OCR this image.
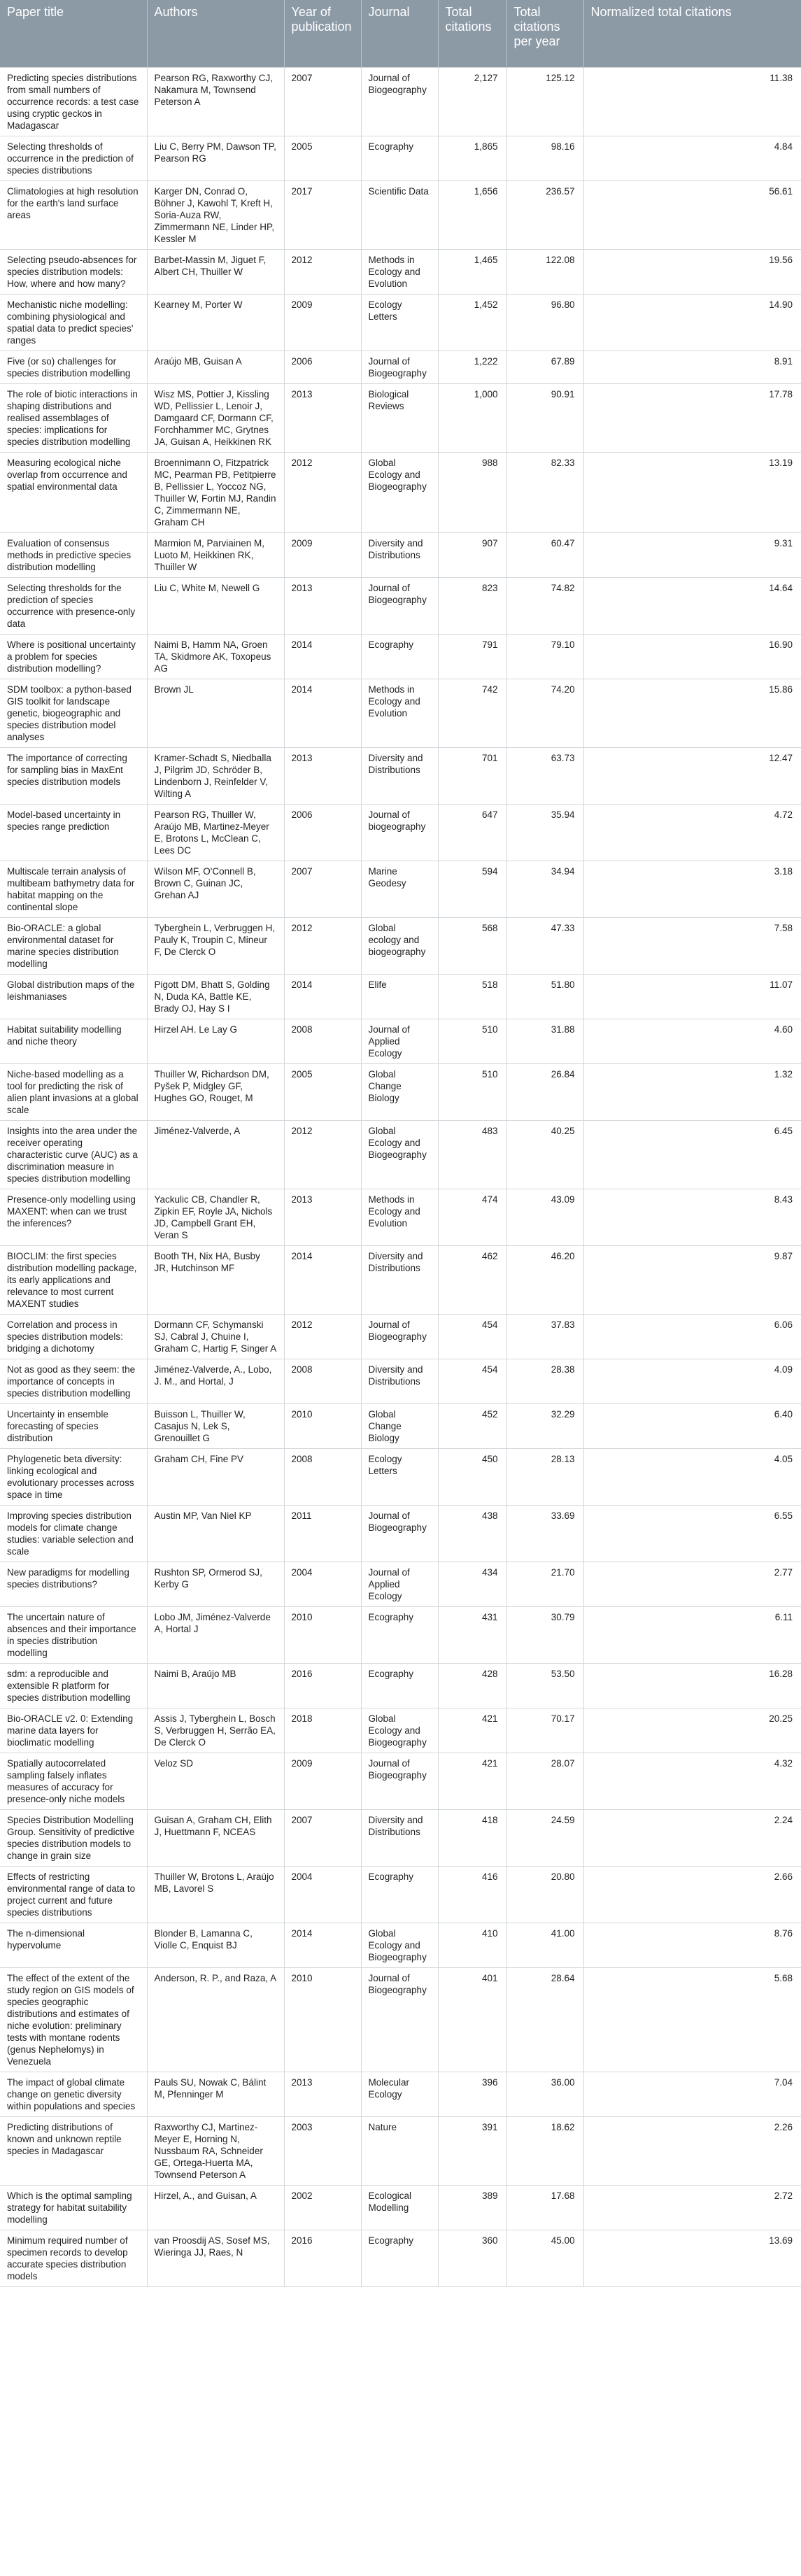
Paper title	Authors	Year of publication	Journal	Total citations	Total citations per year	Normalized total citations
Predicting species distributions from small numbers of occurrence records: a test case using cryptic geckos in Madagascar	Pearson RG, Raxworthy CJ, Nakamura M, Townsend Peterson A	2007	Journal of Biogeography	2,127	125.12	11.38
Selecting thresholds of occurrence in the prediction of species distributions	Liu C, Berry PM, Dawson TP, Pearson RG	2005	Ecography	1,865	98.16	4.84
Climatologies at high resolution for the earth's land surface areas	Karger DN, Conrad O, Böhner J, Kawohl T, Kreft H, Soria-Auza RW, Zimmermann NE, Linder HP, Kessler M	2017	Scientific Data	1,656	236.57	56.61
Selecting pseudo-absences for species distribution models: How, where and how many?	Barbet-Massin M, Jiguet F, Albert CH, Thuiller W	2012	Methods in Ecology and Evolution	1,465	122.08	19.56
Mechanistic niche modelling: combining physiological and spatial data to predict species' ranges	Kearney M, Porter W	2009	Ecology Letters	1,452	96.80	14.90
Five (or so) challenges for species distribution modelling	Araújo MB, Guisan A	2006	Journal of Biogeography	1,222	67.89	8.91
The role of biotic interactions in shaping distributions and realised assemblages of species: implications for species distribution modelling	Wisz MS, Pottier J, Kissling WD, Pellissier L, Lenoir J, Damgaard CF, Dormann CF, Forchhammer MC, Grytnes JA, Guisan A, Heikkinen RK	2013	Biological Reviews	1,000	90.91	17.78
Measuring ecological niche overlap from occurrence and spatial environmental data	Broennimann O, Fitzpatrick MC, Pearman PB, Petitpierre B, Pellissier L, Yoccoz NG, Thuiller W, Fortin MJ, Randin C, Zimmermann NE, Graham CH	2012	Global Ecology and Biogeography	988	82.33	13.19
Evaluation of consensus methods in predictive species distribution modelling	Marmion M, Parviainen M, Luoto M, Heikkinen RK, Thuiller W	2009	Diversity and Distributions	907	60.47	9.31
Selecting thresholds for the prediction of species occurrence with presence-only data	Liu C, White M, Newell G	2013	Journal of Biogeography	823	74.82	14.64
Where is positional uncertainty a problem for species distribution modelling?	Naimi B, Hamm NA, Groen TA, Skidmore AK, Toxopeus AG	2014	Ecography	791	79.10	16.90
SDM toolbox: a python-based GIS toolkit for landscape genetic, biogeographic and species distribution model analyses	Brown JL	2014	Methods in Ecology and Evolution	742	74.20	15.86
The importance of correcting for sampling bias in MaxEnt species distribution models	Kramer-Schadt S, Niedballa J, Pilgrim JD, Schröder B, Lindenborn J, Reinfelder V, Wilting A	2013	Diversity and Distributions	701	63.73	12.47
Model-based uncertainty in species range prediction	Pearson RG, Thuiller W, Araújo MB, Martinez-Meyer E, Brotons L, McClean C, Lees DC	2006	Journal of biogeography	647	35.94	4.72
Multiscale terrain analysis of multibeam bathymetry data for habitat mapping on the continental slope	Wilson MF, O'Connell B, Brown C, Guinan JC, Grehan AJ	2007	Marine Geodesy	594	34.94	3.18
Bio-ORACLE: a global environmental dataset for marine species distribution modelling	Tyberghein L, Verbruggen H, Pauly K, Troupin C, Mineur F, De Clerck O	2012	Global ecology and biogeography	568	47.33	7.58
Global distribution maps of the leishmaniases	Pigott DM, Bhatt S, Golding N, Duda KA, Battle KE, Brady OJ, Hay S I	2014	Elife	518	51.80	11.07
Habitat suitability modelling and niche theory	Hirzel AH. Le Lay G	2008	Journal of Applied Ecology	510	31.88	4.60
Niche-based modelling as a tool for predicting the risk of alien plant invasions at a global scale	Thuiller W, Richardson DM, Pyšek P, Midgley GF, Hughes GO, Rouget, M	2005	Global Change Biology	510	26.84	1.32
Insights into the area under the receiver operating characteristic curve (AUC) as a discrimination measure in species distribution modelling	Jiménez-Valverde, A	2012	Global Ecology and Biogeography	483	40.25	6.45
Presence-only modelling using MAXENT: when can we trust the inferences?	Yackulic CB, Chandler R, Zipkin EF, Royle JA, Nichols JD, Campbell Grant EH, Veran S	2013	Methods in Ecology and Evolution	474	43.09	8.43
BIOCLIM: the first species distribution modelling package, its early applications and relevance to most current MAXENT studies	Booth TH, Nix HA, Busby JR, Hutchinson MF	2014	Diversity and Distributions	462	46.20	9.87
Correlation and process in species distribution models: bridging a dichotomy	Dormann CF, Schymanski SJ, Cabral J, Chuine I, Graham C, Hartig F, Singer A	2012	Journal of Biogeography	454	37.83	6.06
Not as good as they seem: the importance of concepts in species distribution modelling	Jiménez-Valverde, A., Lobo, J. M., and Hortal, J	2008	Diversity and Distributions	454	28.38	4.09
Uncertainty in ensemble forecasting of species distribution	Buisson L, Thuiller W, Casajus N, Lek S, Grenouillet G	2010	Global Change Biology	452	32.29	6.40
Phylogenetic beta diversity: linking ecological and evolutionary processes across space in time	Graham CH, Fine PV	2008	Ecology Letters	450	28.13	4.05
Improving species distribution models for climate change studies: variable selection and scale	Austin MP, Van Niel KP	2011	Journal of Biogeography	438	33.69	6.55
New paradigms for modelling species distributions?	Rushton SP, Ormerod SJ, Kerby G	2004	Journal of Applied Ecology	434	21.70	2.77
The uncertain nature of absences and their importance in species distribution modelling	Lobo JM, Jiménez-Valverde A, Hortal J	2010	Ecography	431	30.79	6.11
sdm: a reproducible and extensible R platform for species distribution modelling	Naimi B, Araújo MB	2016	Ecography	428	53.50	16.28
Bio-ORACLE v2. 0: Extending marine data layers for bioclimatic modelling	Assis J, Tyberghein L, Bosch S, Verbruggen H, Serrão EA, De Clerck O	2018	Global Ecology and Biogeography	421	70.17	20.25
Spatially autocorrelated sampling falsely inflates measures of accuracy for presence-only niche models	Veloz SD	2009	Journal of Biogeography	421	28.07	4.32
Species Distribution Modelling Group. Sensitivity of predictive species distribution models to change in grain size	Guisan A, Graham CH, Elith J, Huettmann F, NCEAS	2007	Diversity and Distributions	418	24.59	2.24
Effects of restricting environmental range of data to project current and future species distributions	Thuiller W, Brotons L, Araújo MB, Lavorel S	2004	Ecography	416	20.80	2.66
The n-dimensional hypervolume	Blonder B, Lamanna C, Violle C, Enquist BJ	2014	Global Ecology and Biogeography	410	41.00	8.76
The effect of the extent of the study region on GIS models of species geographic distributions and estimates of niche evolution: preliminary tests with montane rodents (genus Nephelomys) in Venezuela	Anderson, R. P., and Raza, A	2010	Journal of Biogeography	401	28.64	5.68
The impact of global climate change on genetic diversity within populations and species	Pauls SU, Nowak C, Bálint M, Pfenninger M	2013	Molecular Ecology	396	36.00	7.04
Predicting distributions of known and unknown reptile species in Madagascar	Raxworthy CJ, Martinez-Meyer E, Horning N, Nussbaum RA, Schneider GE, Ortega-Huerta MA, Townsend Peterson A	2003	Nature	391	18.62	2.26
Which is the optimal sampling strategy for habitat suitability modelling	Hirzel, A., and Guisan, A	2002	Ecological Modelling	389	17.68	2.72
Minimum required number of specimen records to develop accurate species distribution models	van Proosdij AS, Sosef MS, Wieringa JJ, Raes, N	2016	Ecography	360	45.00	13.69
